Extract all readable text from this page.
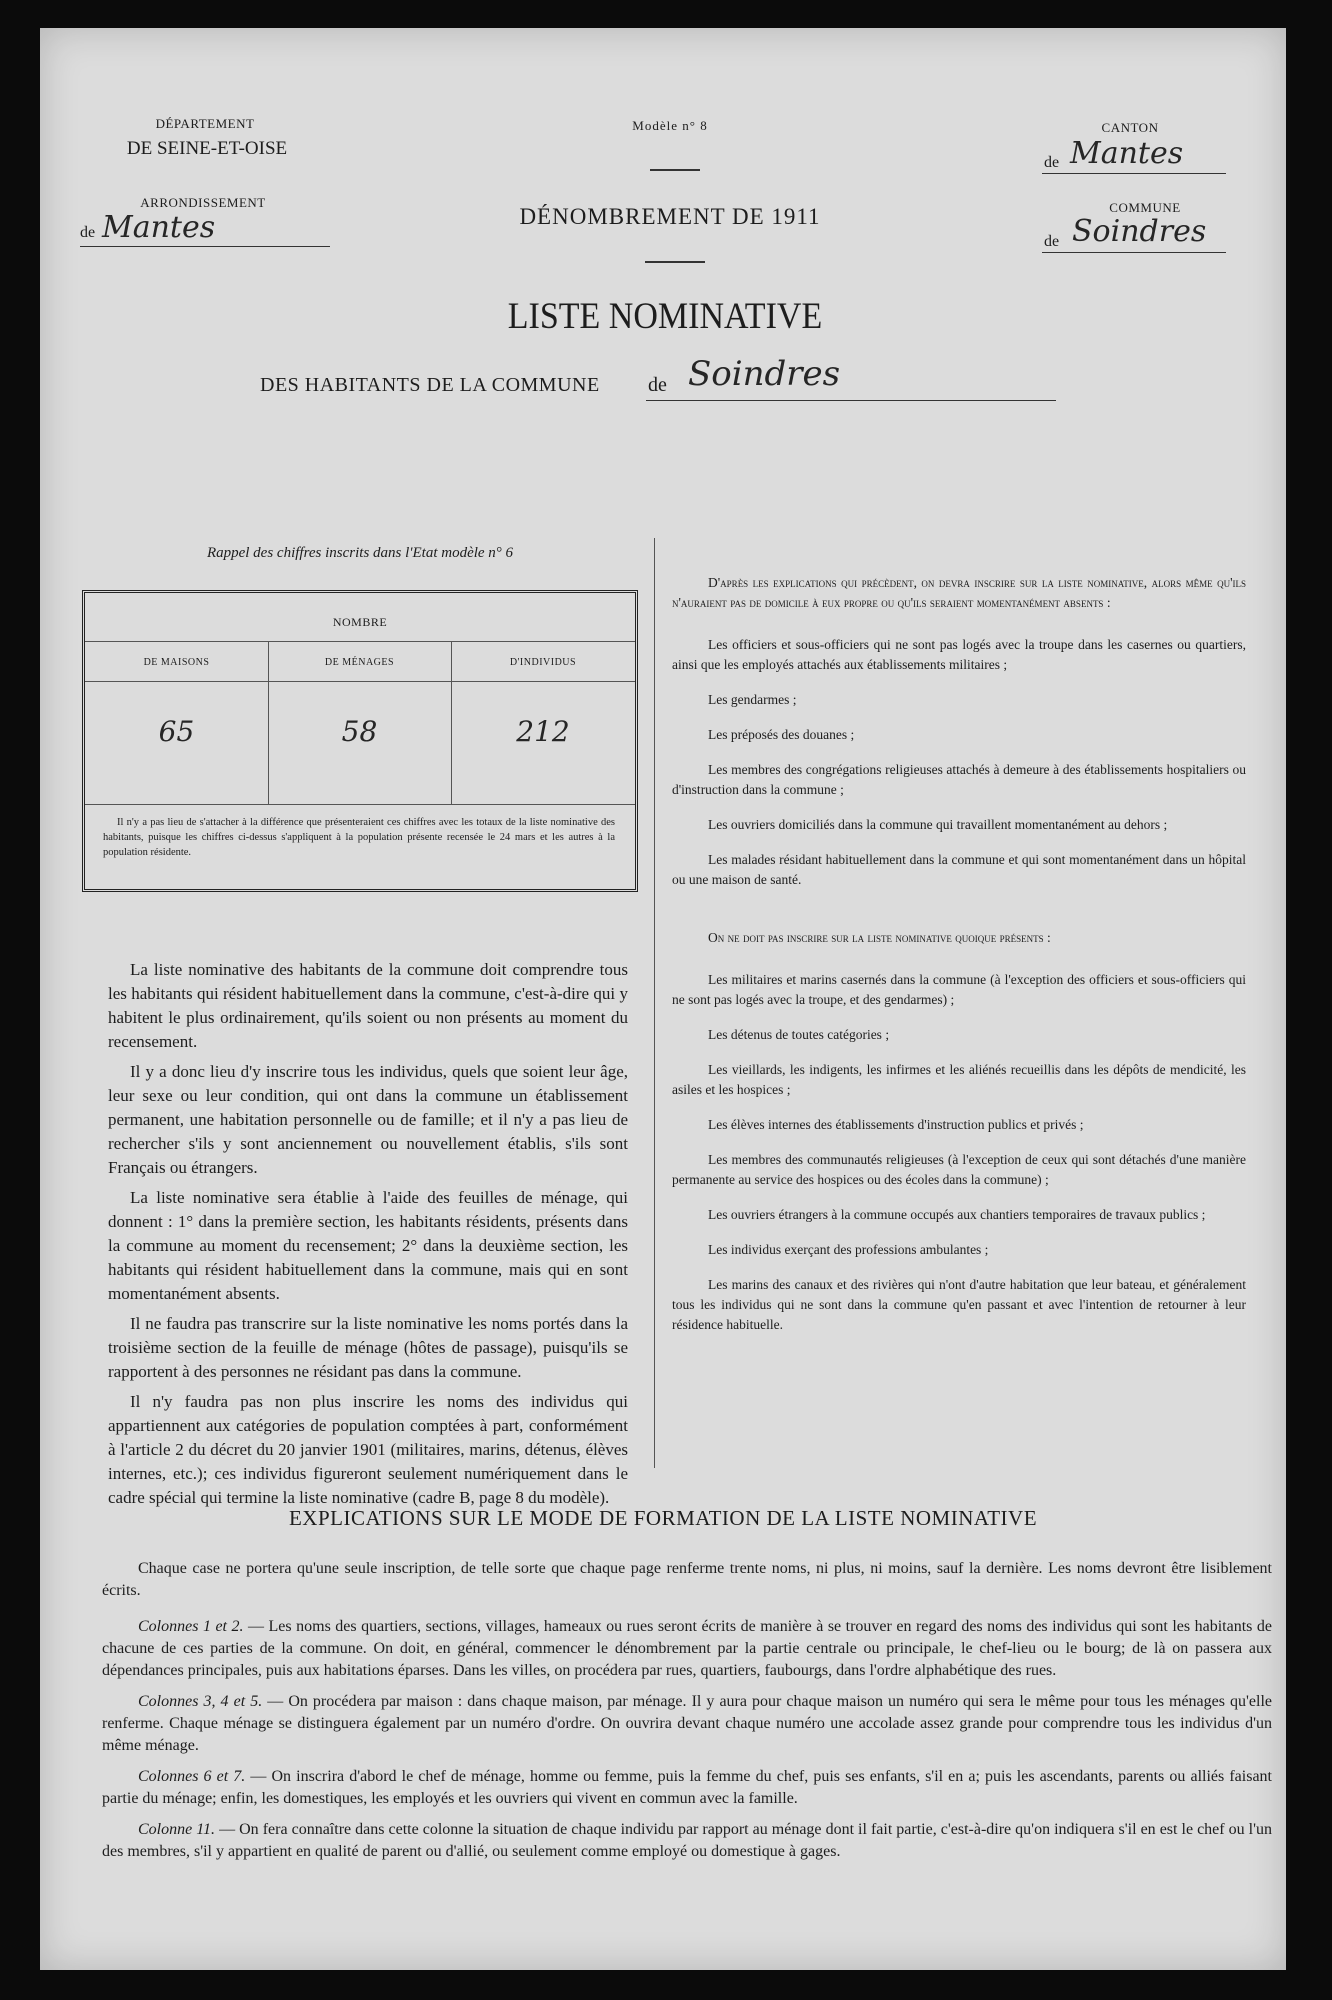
DÉPARTEMENT
DE SEINE-ET-OISE
ARRONDISSEMENT
de Mantes
Modèle n° 8
DÉNOMBREMENT DE 1911
CANTON
de Mantes
COMMUNE
de Soindres
LISTE NOMINATIVE
DES HABITANTS DE LA COMMUNE	de Soindres
Rappel des chiffres inscrits dans l'Etat modèle n° 6
NOMBRE
DE MAISONS	DE MÉNAGES	D'INDIVIDUS
65	58	212
Il n'y a pas lieu de s'attacher à la différence que présenteraient ces chiffres avec les totaux de la liste nominative des habitants, puisque les chiffres ci-dessus s'appliquent à la population présente recensée le 24 mars et les autres à la population résidente.

La liste nominative des habitants de la commune doit comprendre tous les habitants qui résident habituellement dans la commune, c'est-à-dire qui y habitent le plus ordinairement, qu'ils soient ou non présents au moment du recensement.

Il y a donc lieu d'y inscrire tous les individus, quels que soient leur âge, leur sexe ou leur condition, qui ont dans la commune un établissement permanent, une habitation personnelle ou de famille; et il n'y a pas lieu de rechercher s'ils y sont anciennement ou nouvellement établis, s'ils sont Français ou étrangers.

La liste nominative sera établie à l'aide des feuilles de ménage, qui donnent : 1° dans la première section, les habitants résidents, présents dans la commune au moment du recensement; 2° dans la deuxième section, les habitants qui résident habituellement dans la commune, mais qui en sont momentanément absents.

Il ne faudra pas transcrire sur la liste nominative les noms portés dans la troisième section de la feuille de ménage (hôtes de passage), puisqu'ils se rapportent à des personnes ne résidant pas dans la commune.

Il n'y faudra pas non plus inscrire les noms des individus qui appartiennent aux catégories de population comptées à part, conformément à l'article 2 du décret du 20 janvier 1901 (militaires, marins, détenus, élèves internes, etc.); ces individus figureront seulement numériquement dans le cadre spécial qui termine la liste nominative (cadre B, page 8 du modèle).

D'après les explications qui précèdent, on devra inscrire sur la liste nominative, alors même qu'ils n'auraient pas de domicile à eux propre ou qu'ils seraient momentanément absents :

Les officiers et sous-officiers qui ne sont pas logés avec la troupe dans les casernes ou quartiers, ainsi que les employés attachés aux établissements militaires ;

Les gendarmes ;

Les préposés des douanes ;

Les membres des congrégations religieuses attachés à demeure à des établissements hospitaliers ou d'instruction dans la commune ;

Les ouvriers domiciliés dans la commune qui travaillent momentanément au dehors ;

Les malades résidant habituellement dans la commune et qui sont momentanément dans un hôpital ou une maison de santé.

On ne doit pas inscrire sur la liste nominative quoique présents :

Les militaires et marins casernés dans la commune (à l'exception des officiers et sous-officiers qui ne sont pas logés avec la troupe, et des gendarmes) ;

Les détenus de toutes catégories ;

Les vieillards, les indigents, les infirmes et les aliénés recueillis dans les dépôts de mendicité, les asiles et les hospices ;

Les élèves internes des établissements d'instruction publics et privés ;

Les membres des communautés religieuses (à l'exception de ceux qui sont détachés d'une manière permanente au service des hospices ou des écoles dans la commune) ;

Les ouvriers étrangers à la commune occupés aux chantiers temporaires de travaux publics ;

Les individus exerçant des professions ambulantes ;

Les marins des canaux et des rivières qui n'ont d'autre habitation que leur bateau, et généralement tous les individus qui ne sont dans la commune qu'en passant et avec l'intention de retourner à leur résidence habituelle.

EXPLICATIONS SUR LE MODE DE FORMATION DE LA LISTE NOMINATIVE

Chaque case ne portera qu'une seule inscription, de telle sorte que chaque page renferme trente noms, ni plus, ni moins, sauf la dernière. Les noms devront être lisiblement écrits.

Colonnes 1 et 2. — Les noms des quartiers, sections, villages, hameaux ou rues seront écrits de manière à se trouver en regard des noms des individus qui sont les habitants de chacune de ces parties de la commune. On doit, en général, commencer le dénombrement par la partie centrale ou principale, le chef-lieu ou le bourg; de là on passera aux dépendances principales, puis aux habitations éparses. Dans les villes, on procédera par rues, quartiers, faubourgs, dans l'ordre alphabétique des rues.

Colonnes 3, 4 et 5. — On procédera par maison : dans chaque maison, par ménage. Il y aura pour chaque maison un numéro qui sera le même pour tous les ménages qu'elle renferme. Chaque ménage se distinguera également par un numéro d'ordre. On ouvrira devant chaque numéro une accolade assez grande pour comprendre tous les individus d'un même ménage.

Colonnes 6 et 7. — On inscrira d'abord le chef de ménage, homme ou femme, puis la femme du chef, puis ses enfants, s'il en a; puis les ascendants, parents ou alliés faisant partie du ménage; enfin, les domestiques, les employés et les ouvriers qui vivent en commun avec la famille.

Colonne 11. — On fera connaître dans cette colonne la situation de chaque individu par rapport au ménage dont il fait partie, c'est-à-dire qu'on indiquera s'il en est le chef ou l'un des membres, s'il y appartient en qualité de parent ou d'allié, ou seulement comme employé ou domestique à gages.
